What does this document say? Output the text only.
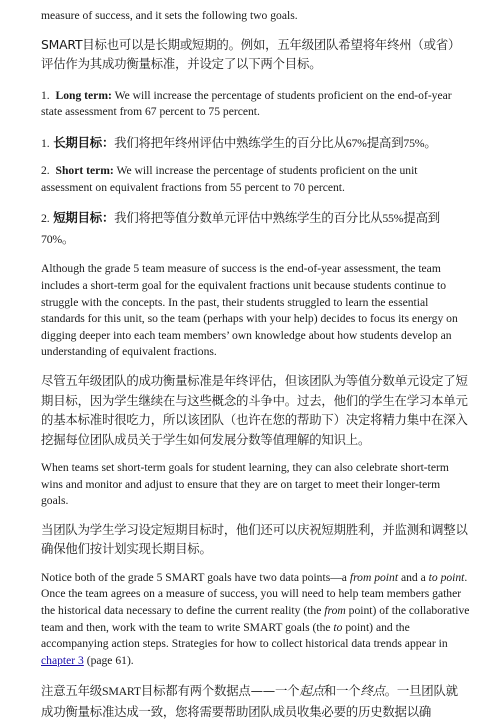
measure of success, and it sets the following two goals.

SMART目标也可以是长期或短期的。例如，五年级团队希望将年终州（或省）评估作为其成功衡量标准，并设定了以下两个目标。

1. Long term: We will increase the percentage of students proficient on the end-of-year state assessment from 67 percent to 75 percent.

1. 长期目标：我们将把年终州评估中熟练学生的百分比从67%提高到75%。

2. Short term: We will increase the percentage of students proficient on the unit assessment on equivalent fractions from 55 percent to 70 percent.

2. 短期目标：我们将把等值分数单元评估中熟练学生的百分比从55%提高到70%。

Although the grade 5 team measure of success is the end-of-year assessment, the team includes a short-term goal for the equivalent fractions unit because students continue to struggle with the concepts. In the past, their students struggled to learn the essential standards for this unit, so the team (perhaps with your help) decides to focus its energy on digging deeper into each team members’ own knowledge about how students develop an understanding of equivalent fractions.

尽管五年级团队的成功衡量标准是年终评估，但该团队为等值分数单元设定了短期目标，因为学生继续在与这些概念的斗争中。过去，他们的学生在学习本单元的基本标准时很吃力，所以该团队（也许在您的帮助下）决定将精力集中在深入挖掘每位团队成员关于学生如何发展分数等值理解的知识上。

When teams set short-term goals for student learning, they can also celebrate short-term wins and monitor and adjust to ensure that they are on target to meet their longer-term goals.

当团队为学生学习设定短期目标时，他们还可以庆祝短期胜利，并监测和调整以确保他们按计划实现长期目标。

Notice both of the grade 5 SMART goals have two data points—a from point and a to point. Once the team agrees on a measure of success, you will need to help team members gather the historical data necessary to define the current reality (the from point) of the collaborative team and then, work with the team to write SMART goals (the to point) and the accompanying action steps. Strategies for how to collect historical data trends appear in chapter 3 (page 61).

注意五年级SMART目标都有两个数据点——一个起点和一个终点。一旦团队就成功衡量标准达成一致，您将需要帮助团队成员收集必要的历史数据以确
